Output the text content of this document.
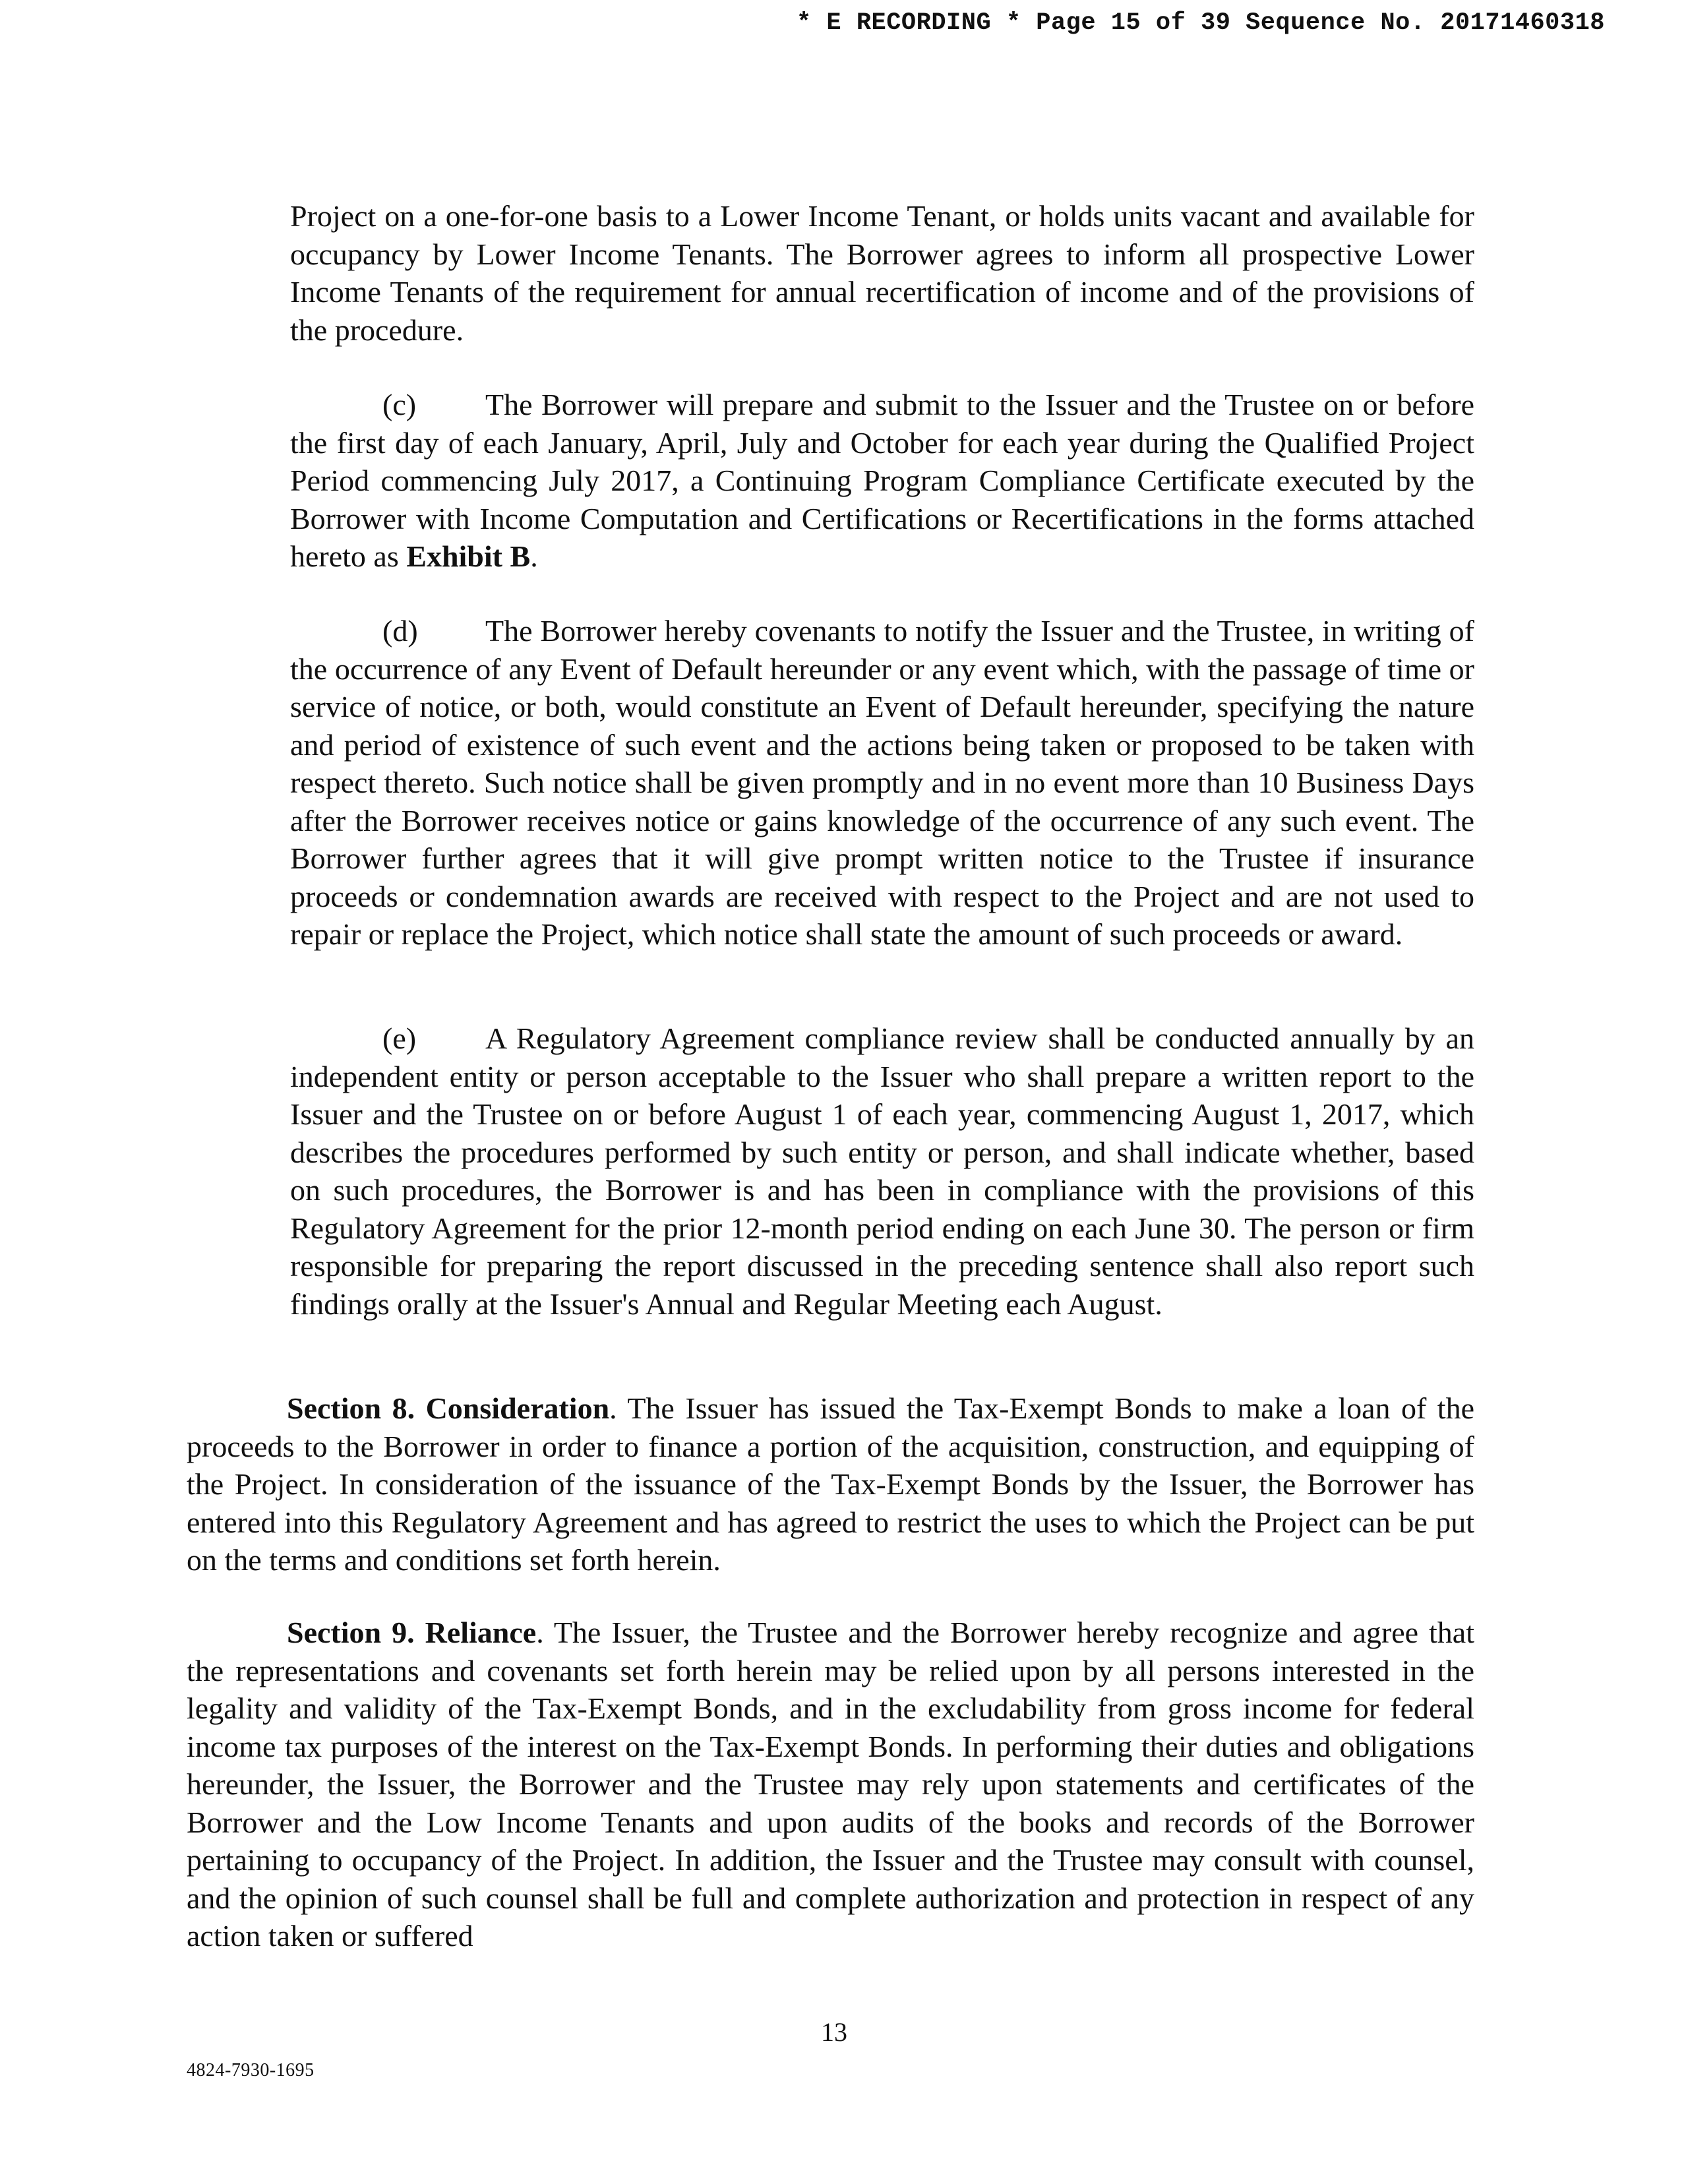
* E RECORDING * Page 15 of 39 Sequence No. 20171460318

Project on a one-for-one basis to a Lower Income Tenant, or holds units vacant and available for occupancy by Lower Income Tenants. The Borrower agrees to inform all prospective Lower Income Tenants of the requirement for annual recertification of income and of the provisions of the procedure.

(c) The Borrower will prepare and submit to the Issuer and the Trustee on or before the first day of each January, April, July and October for each year during the Qualified Project Period commencing July 2017, a Continuing Program Compliance Certificate executed by the Borrower with Income Computation and Certifications or Recertifications in the forms attached hereto as Exhibit B.

(d) The Borrower hereby covenants to notify the Issuer and the Trustee, in writing of the occurrence of any Event of Default hereunder or any event which, with the passage of time or service of notice, or both, would constitute an Event of Default hereunder, specifying the nature and period of existence of such event and the actions being taken or proposed to be taken with respect thereto. Such notice shall be given promptly and in no event more than 10 Business Days after the Borrower receives notice or gains knowledge of the occurrence of any such event. The Borrower further agrees that it will give prompt written notice to the Trustee if insurance proceeds or condemnation awards are received with respect to the Project and are not used to repair or replace the Project, which notice shall state the amount of such proceeds or award.

(e) A Regulatory Agreement compliance review shall be conducted annually by an independent entity or person acceptable to the Issuer who shall prepare a written report to the Issuer and the Trustee on or before August 1 of each year, commencing August 1, 2017, which describes the procedures performed by such entity or person, and shall indicate whether, based on such procedures, the Borrower is and has been in compliance with the provisions of this Regulatory Agreement for the prior 12-month period ending on each June 30. The person or firm responsible for preparing the report discussed in the preceding sentence shall also report such findings orally at the Issuer's Annual and Regular Meeting each August.

Section 8. Consideration. The Issuer has issued the Tax-Exempt Bonds to make a loan of the proceeds to the Borrower in order to finance a portion of the acquisition, construction, and equipping of the Project. In consideration of the issuance of the Tax-Exempt Bonds by the Issuer, the Borrower has entered into this Regulatory Agreement and has agreed to restrict the uses to which the Project can be put on the terms and conditions set forth herein.

Section 9. Reliance. The Issuer, the Trustee and the Borrower hereby recognize and agree that the representations and covenants set forth herein may be relied upon by all persons interested in the legality and validity of the Tax-Exempt Bonds, and in the excludability from gross income for federal income tax purposes of the interest on the Tax-Exempt Bonds. In performing their duties and obligations hereunder, the Issuer, the Borrower and the Trustee may rely upon statements and certificates of the Borrower and the Low Income Tenants and upon audits of the books and records of the Borrower pertaining to occupancy of the Project. In addition, the Issuer and the Trustee may consult with counsel, and the opinion of such counsel shall be full and complete authorization and protection in respect of any action taken or suffered

13
4824-7930-1695
